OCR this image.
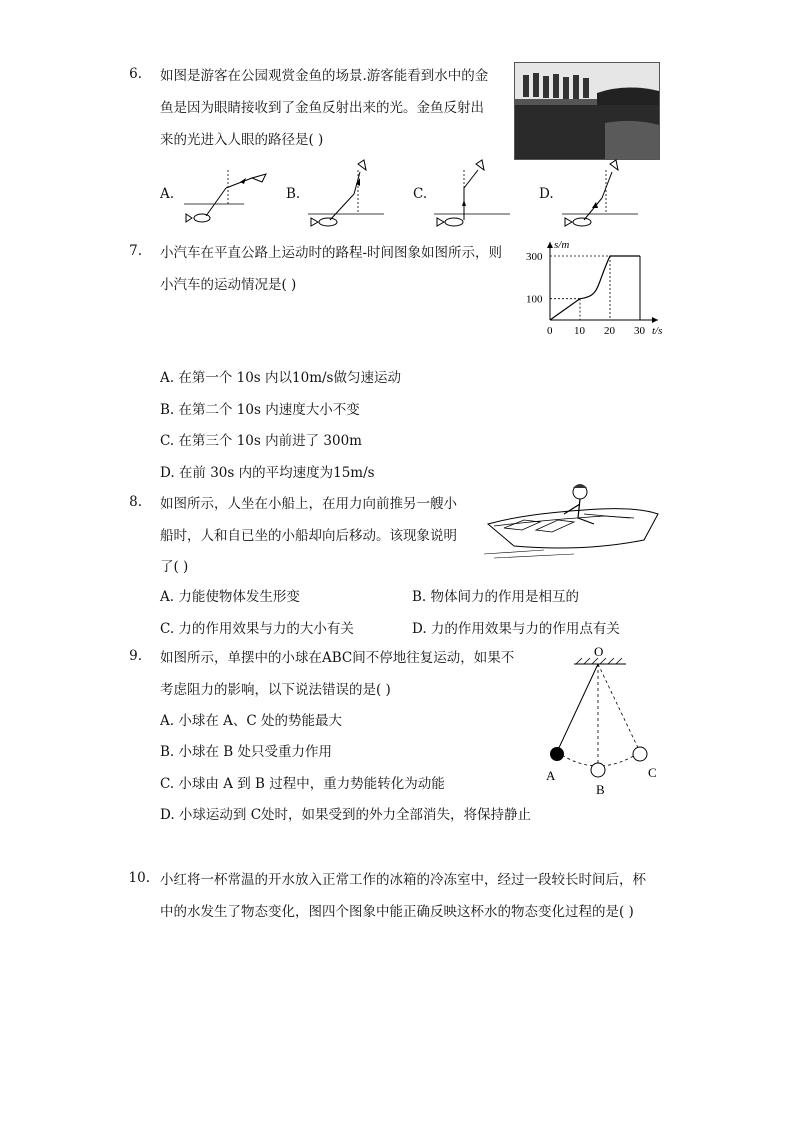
6. 如图是游客在公园观赏金鱼的场景.游客能看到水中的金
鱼是因为眼睛接收到了金鱼反射出来的光。金鱼反射出
来的光进入人眼的路径是( )
A.	B.	C.	D.
7. 小汽车在平直公路上运动时的路程-时间图象如图所示，则
小汽车的运动情况是( )
0 10 20 30
100
300
t/s
s/m
A. 在第一个 10s 内以10m/s做匀速运动
B. 在第二个 10s 内速度大小不变
C. 在第三个 10s 内前进了 300m
D. 在前 30s 内的平均速度为15m/s
8. 如图所示，人坐在小船上，在用力向前推另一艘小
船时，人和自已坐的小船却向后移动。该现象说明
了( )
A. 力能使物体发生形变	B. 物体间力的作用是相互的
C. 力的作用效果与力的大小有关	D. 力的作用效果与力的作用点有关
9. 如图所示，单摆中的小球在ABC间不停地往复运动，如果不
考虑阻力的影响，以下说法错误的是( )
A. 小球在 A、C 处的势能最大
B. 小球在 B 处只受重力作用
C. 小球由 A 到 B 过程中，重力势能转化为动能
D. 小球运动到 C处时，如果受到的外力全部消失，将保持静止
O
A
B
C
10. 小红将一杯常温的开水放入正常工作的冰箱的冷冻室中，经过一段较长时间后，杯
中的水发生了物态变化，图四个图象中能正确反映这杯水的物态变化过程的是( )
